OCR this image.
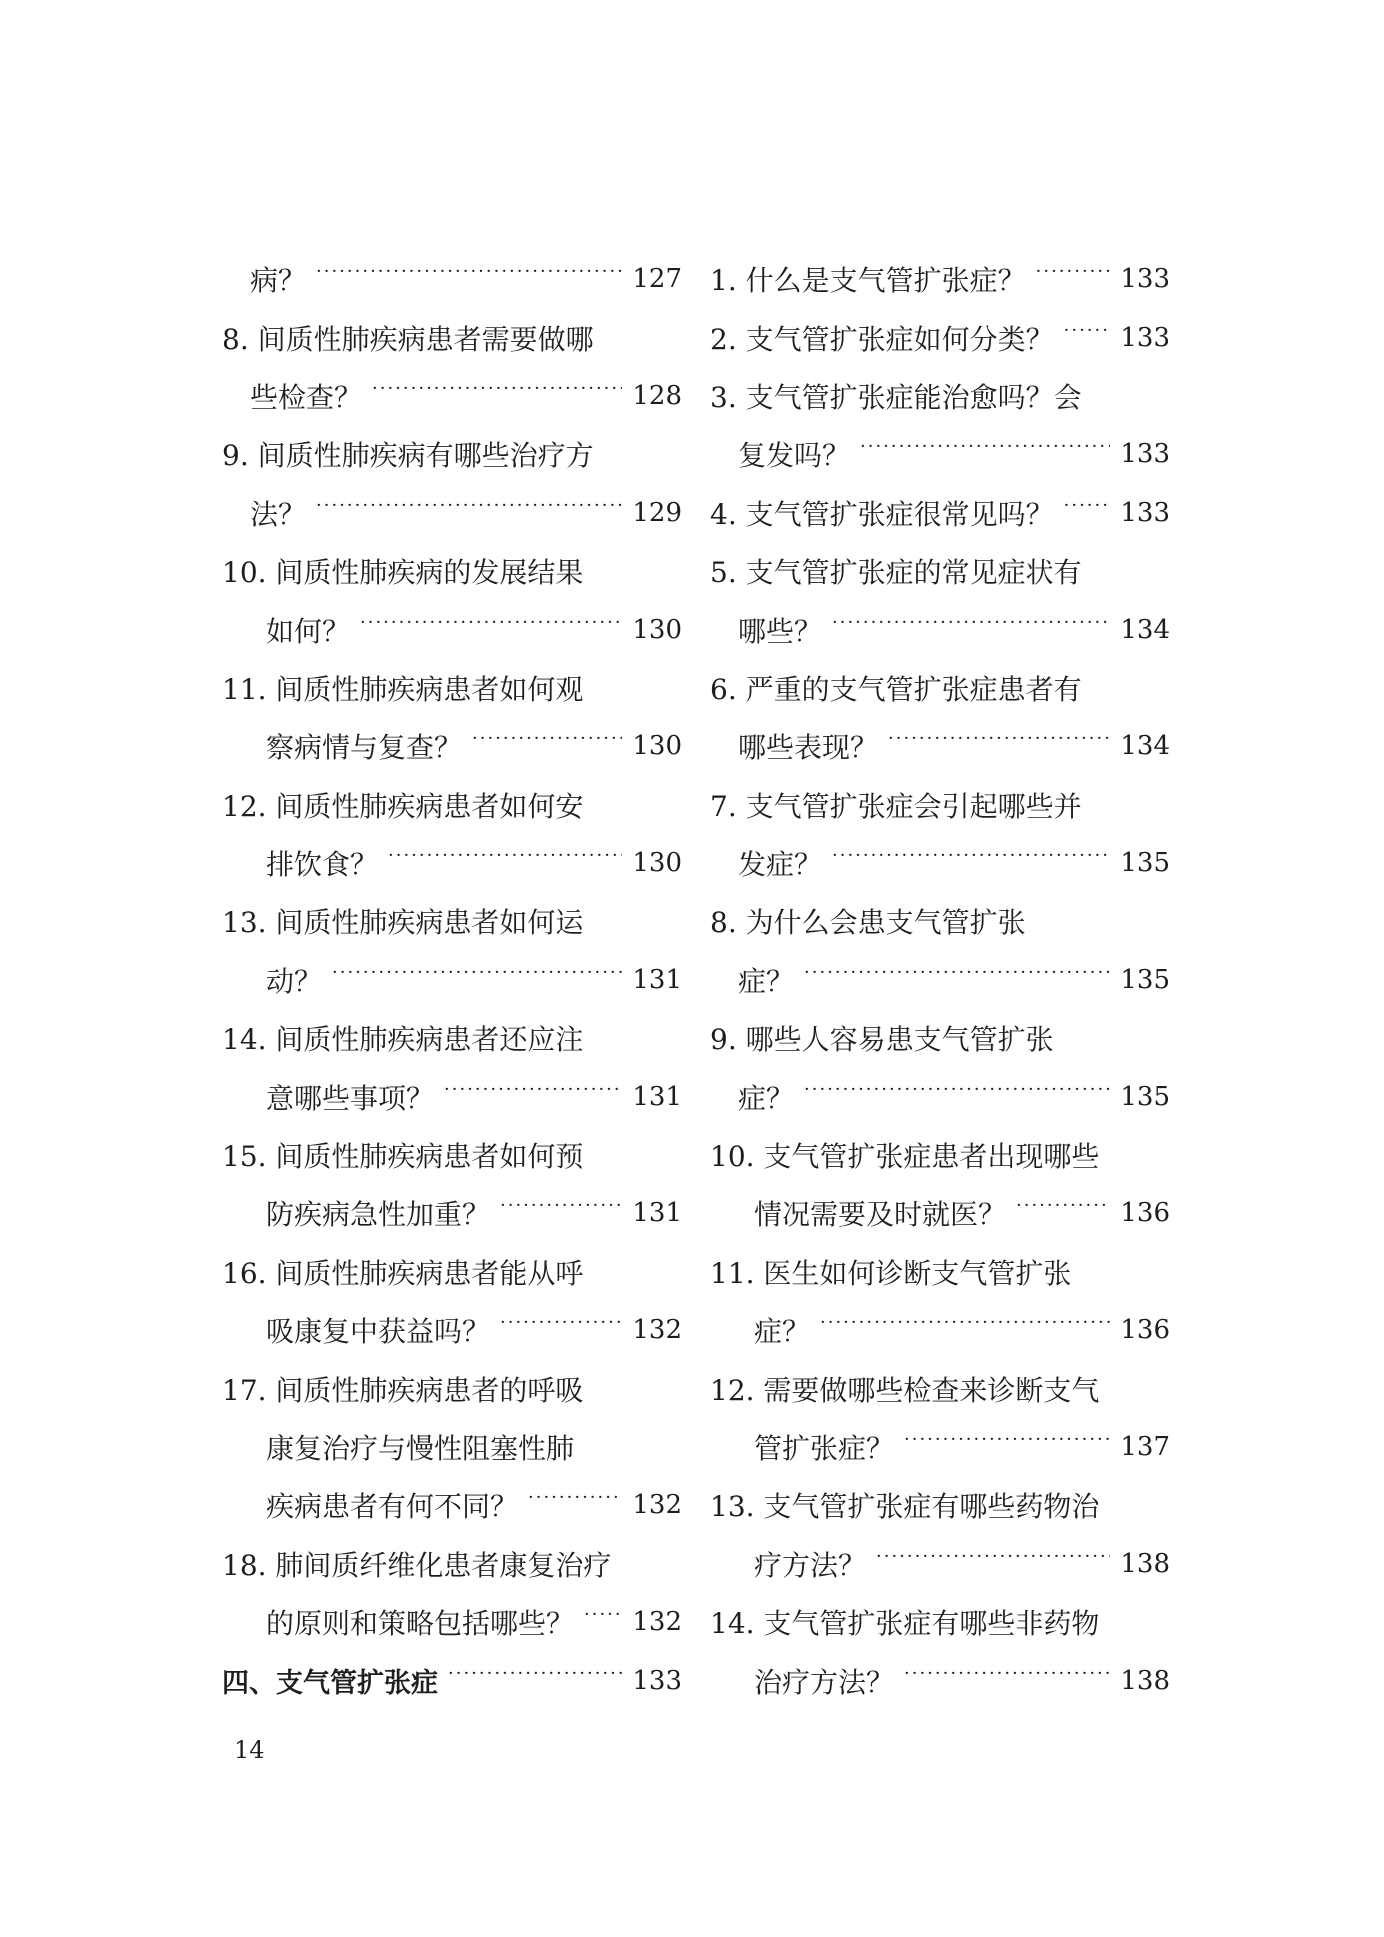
病？ ·····	127
8. 间质性肺疾病患者需要做哪
些检查？ ·····	128
9. 间质性肺疾病有哪些治疗方
法？ ·····	129
10. 间质性肺疾病的发展结果
如何？ ·····	130
11. 间质性肺疾病患者如何观
察病情与复查？ ·····	130
12. 间质性肺疾病患者如何安
排饮食？ ·····	130
13. 间质性肺疾病患者如何运
动？ ·····	131
14. 间质性肺疾病患者还应注
意哪些事项？ ·····	131
15. 间质性肺疾病患者如何预
防疾病急性加重？ ·····	131
16. 间质性肺疾病患者能从呼
吸康复中获益吗？ ·····	132
17. 间质性肺疾病患者的呼吸
康复治疗与慢性阻塞性肺
疾病患者有何不同？ ·····	132
18. 肺间质纤维化患者康复治疗
的原则和策略包括哪些？ ····· 132
四、支气管扩张症 ·····	133
1. 什么是支气管扩张症？ ·····	133
2. 支气管扩张症如何分类？ ·····	133
3. 支气管扩张症能治愈吗？会
复发吗？ ·····	133
4. 支气管扩张症很常见吗？ ·····	133
5. 支气管扩张症的常见症状有
哪些？ ·····	134
6. 严重的支气管扩张症患者有
哪些表现？ ·····	134
7. 支气管扩张症会引起哪些并
发症？ ·····	135
8. 为什么会患支气管扩张
症？ ·····	135
9. 哪些人容易患支气管扩张
症？ ·····	135
10. 支气管扩张症患者出现哪些
情况需要及时就医？ ·····	136
11. 医生如何诊断支气管扩张
症？ ·····	136
12. 需要做哪些检查来诊断支气
管扩张症？ ·····	137
13. 支气管扩张症有哪些药物治
疗方法？ ·····	138
14. 支气管扩张症有哪些非药物
治疗方法？ ·····	138
14
